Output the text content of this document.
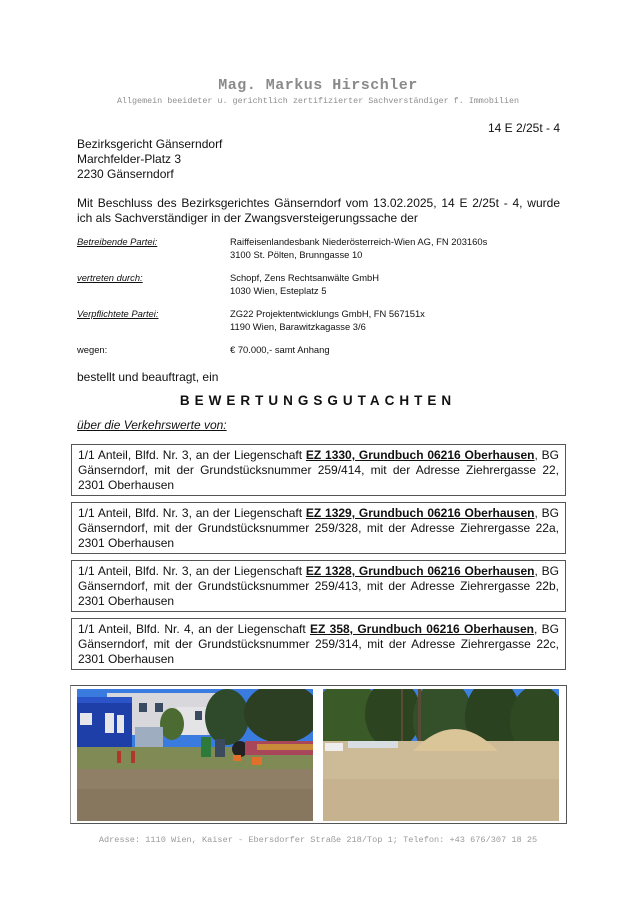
Mag. Markus Hirschler
Allgemein beeideter u. gerichtlich zertifizierter Sachverständiger f. Immobilien
14 E 2/25t - 4
Bezirksgericht Gänserndorf
Marchfelder-Platz 3
2230 Gänserndorf
Mit Beschluss des Bezirksgerichtes Gänserndorf vom 13.02.2025, 14 E 2/25t - 4, wurde ich als Sachverständiger in der Zwangsversteigerungssache der
Betreibende Partei:	Raiffeisenlandesbank Niederösterreich-Wien AG, FN 203160s
3100 St. Pölten, Brunngasse 10
vertreten durch:	Schopf, Zens Rechtsanwälte GmbH
1030 Wien, Esteplatz 5
Verpflichtete Partei:	ZG22 Projektentwicklungs GmbH, FN 567151x
1190 Wien, Barawitzkagasse 3/6
wegen:	€ 70.000,- samt Anhang
bestellt und beauftragt, ein
BEWERTUNGSGUTACHTEN
über die Verkehrswerte von:
1/1 Anteil, Blfd. Nr. 3, an der Liegenschaft EZ 1330, Grundbuch 06216 Oberhausen, BG Gänserndorf, mit der Grundstücksnummer 259/414, mit der Adresse Ziehrergasse 22, 2301 Oberhausen
1/1 Anteil, Blfd. Nr. 3, an der Liegenschaft EZ 1329, Grundbuch 06216 Oberhausen, BG Gänserndorf, mit der Grundstücksnummer 259/328, mit der Adresse Ziehrergasse 22a, 2301 Oberhausen
1/1 Anteil, Blfd. Nr. 3, an der Liegenschaft EZ 1328, Grundbuch 06216 Oberhausen, BG Gänserndorf, mit der Grundstücksnummer 259/413, mit der Adresse Ziehrergasse 22b, 2301 Oberhausen
1/1 Anteil, Blfd. Nr. 4, an der Liegenschaft EZ 358, Grundbuch 06216 Oberhausen, BG Gänserndorf, mit der Grundstücksnummer 259/314, mit der Adresse Ziehrergasse 22c, 2301 Oberhausen
Adresse: 1110 Wien, Kaiser - Ebersdorfer Straße 218/Top 1; Telefon: +43 676/307 18 25
